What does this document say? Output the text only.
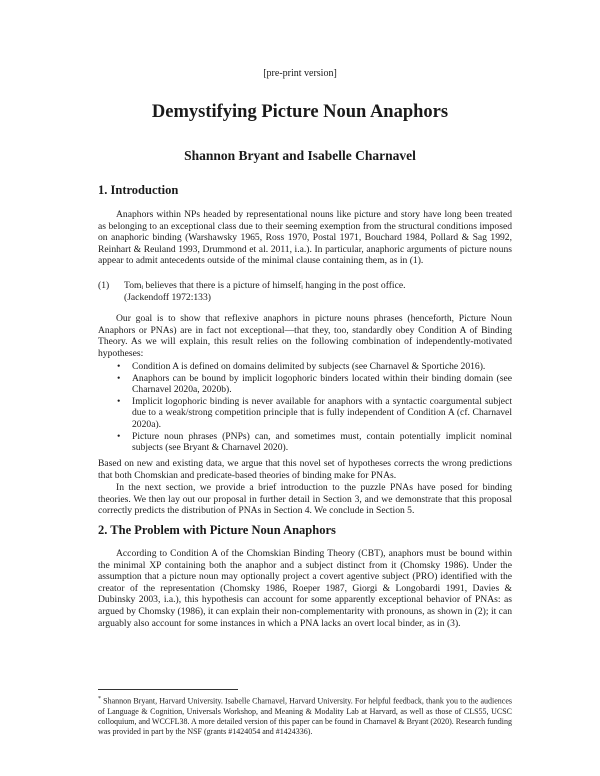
[pre-print version]
Demystifying Picture Noun Anaphors
Shannon Bryant and Isabelle Charnavel
1. Introduction

Anaphors within NPs headed by representational nouns like picture and story have long been treated as belonging to an exceptional class due to their seeming exemption from the structural conditions imposed on anaphoric binding (Warshawsky 1965, Ross 1970, Postal 1971, Bouchard 1984, Pollard & Sag 1992, Reinhart & Reuland 1993, Drummond et al. 2011, i.a.). In particular, anaphoric arguments of picture nouns appear to admit antecedents outside of the minimal clause containing them, as in (1).

(1) Tomᵢ believes that there is a picture of himselfᵢ hanging in the post office.
(Jackendoff 1972:133)

Our goal is to show that reflexive anaphors in picture nouns phrases (henceforth, Picture Noun Anaphors or PNAs) are in fact not exceptional—that they, too, standardly obey Condition A of Binding Theory. As we will explain, this result relies on the following combination of independently-motivated hypotheses:

• Condition A is defined on domains delimited by subjects (see Charnavel & Sportiche 2016).
• Anaphors can be bound by implicit logophoric binders located within their binding domain (see Charnavel 2020a, 2020b).
• Implicit logophoric binding is never available for anaphors with a syntactic coargumental subject due to a weak/strong competition principle that is fully independent of Condition A (cf. Charnavel 2020a).
• Picture noun phrases (PNPs) can, and sometimes must, contain potentially implicit nominal subjects (see Bryant & Charnavel 2020).

Based on new and existing data, we argue that this novel set of hypotheses corrects the wrong predictions that both Chomskian and predicate-based theories of binding make for PNAs.

In the next section, we provide a brief introduction to the puzzle PNAs have posed for binding theories. We then lay out our proposal in further detail in Section 3, and we demonstrate that this proposal correctly predicts the distribution of PNAs in Section 4. We conclude in Section 5.

2. The Problem with Picture Noun Anaphors

According to Condition A of the Chomskian Binding Theory (CBT), anaphors must be bound within the minimal XP containing both the anaphor and a subject distinct from it (Chomsky 1986). Under the assumption that a picture noun may optionally project a covert agentive subject (PRO) identified with the creator of the representation (Chomsky 1986, Roeper 1987, Giorgi & Longobardi 1991, Davies & Dubinsky 2003, i.a.), this hypothesis can account for some apparently exceptional behavior of PNAs: as argued by Chomsky (1986), it can explain their non-complementarity with pronouns, as shown in (2); it can arguably also account for some instances in which a PNA lacks an overt local binder, as in (3).

* Shannon Bryant, Harvard University. Isabelle Charnavel, Harvard University. For helpful feedback, thank you to the audiences of Language & Cognition, Universals Workshop, and Meaning & Modality Lab at Harvard, as well as those of CLS55, UCSC colloquium, and WCCFL38. A more detailed version of this paper can be found in Charnavel & Bryant (2020). Research funding was provided in part by the NSF (grants #1424054 and #1424336).
